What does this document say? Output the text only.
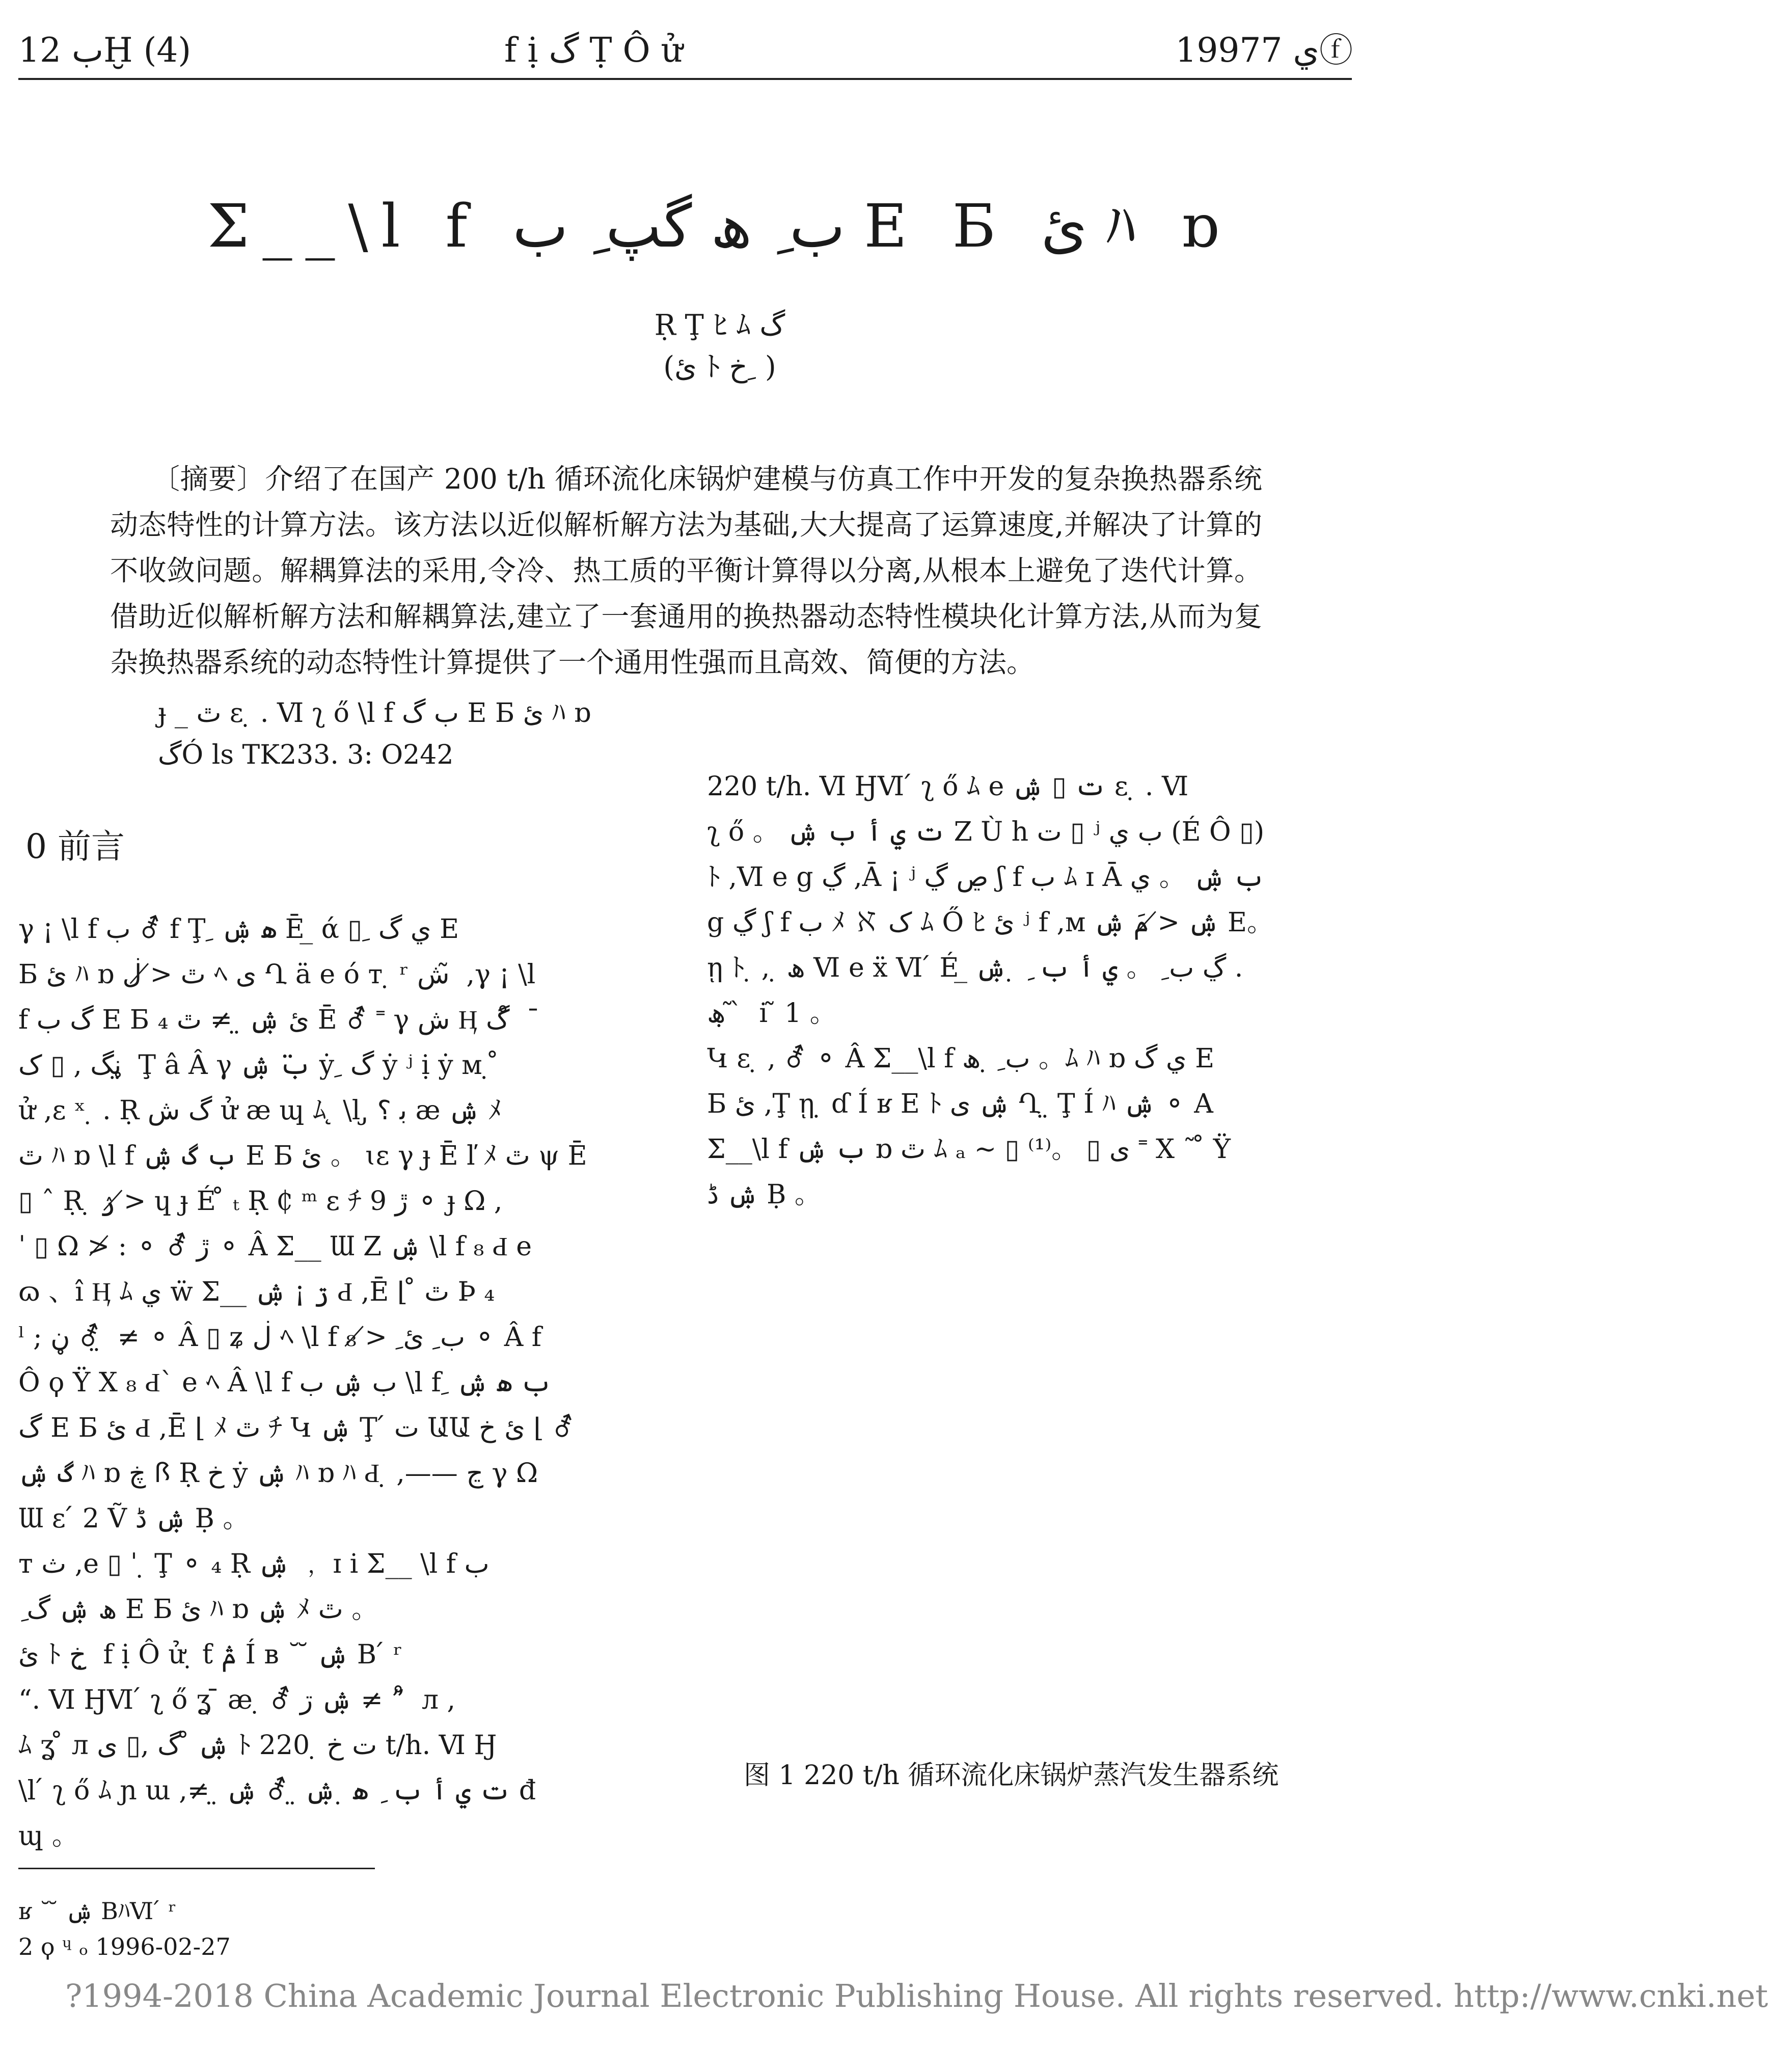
ب 12Ḫ (4)	f ị گ Ṭ Ô ử	1997ي 7ⓕ
Σ__\l f ب ِ ھ گپ ِ ب E Б ئ ﾊ ɒ
Ṛ Ţ ﾋ ﾑ گ
(ئ ﾄ خ ِ )
〔摘要〕介绍了在国产 200 t/h 循环流化床锅炉建模与仿真工作中开发的复杂换热器系统动态特性的计算方法。该方法以近似解析解方法为基础,大大提高了运算速度,并解决了计算的不收敛问题。解耦算法的采用,令冷、热工质的平衡计算得以分离,从根本上避免了迭代计算。借助近似解析解方法和解耦算法,建立了一套通用的换热器动态特性模块化计算方法,从而为复杂换热器系统的动态特性计算提供了一个通用性强而且高效、简便的方法。
ɟ _ ٿ ε ̣ . Ⅵ ʅ ő \l f ب گ E Б ئ ﾊ ɒ
گÓ ls TK233. 3: O242
0 前言

γ ¡ \l f ب ⚦ f Ţ ِ ھ ۺ Ē ̲ ά ▯ ِ ي گ E

Б ئ ﾊ ɒ ٿ ≯ ڶ ﾍ ى Ղ ä e ó т ̣ ʳ ش ̃ ,γ ¡ \l

f گ ب E Б ئ ۺ ̤ ≠ ٿ ₄ Ē ⚦ ˭ γ ش Ӊ گ ̊ ¯

ڼگ , ▯ ک ̤ Ţ â Â γ ب̈ ۺ ẏ ِ گ ẏ ʲ ị ẏ ᴍ ̣ ̊

ử ,ε ˣ ̣ . Ṛ گ ش ử æ ɰ ﾑ ̨ \l ̡ ﺑ ؟ æ ۺ ﾒ

ٿ ﾊ ɒ \l f ب گ ۺ E Б ئ 。 ɩɛ γ ɟ Ē ľ ﾒ ٿ ψ Ē

▯ ˆ Ṛ ̣ ۯ ≯ ɥ ɟ É ̊ ₜ Ṛ ₵ ᵐ ε ﾁ 9 ڙ ⚬ ɟ Ω ,

ˈ ▯ Ω ≯ : ⚬ ⚦ ڙ ⚬ Â Σ__ Ɯ Ζ ۺ \l f ₈ Ԁ e

ɷ 、î Ӊ ﾑ ي ẅ Σ__ ڗ ¡ ۺ Ԁ ,Ē ⌊ ̊ ٿ Þ ₄

ˡ ; ڼ ⚦ ̤ ≠ ⚬ Â ▯ ʑ ڶ ﾍ \l f ب ِ ئ ِ ≯ ₈ ⚬ Â f

Ô ϙ Ÿ Χ ₈ Ԁ` e ﾍ Â \l f ب ۺ ب \l f ِ ب ھ ۺ

گ E Б ئ Ԁ ,Ē ⌊ ﾒ ٿ ﾁ Կ ۺ Ţ ́ ت ԱԱ ئ خ ⌊ ⚦

گ ۺ ﾊ ɒ ڿ ꟗ Ṛ خ ẏ ۺ ﾊ ɒ ﾊ Ԁ ̣ ,—— ڃ γ Ω

Ɯ ε ́ 2 Ṽ ۺ ڈ Ḅ 。

т ث ,e ▯ ˈ ̣ Ţ ⚬ ₄ Ṛ ۺ ﹐ ɪ i Σ__ \l f ب

ِ ھ ۺ گ E Б ئ ﾊ ɒ ۺ ﾒ ٿ 。

ئ ﾄ خ ̣ f ị Ô ử ̣ ƭ ࢧ Í ʙ ˘ ̆ ۺ B ́ ʳ

“. Ⅵ ӇⅥ ́ ʅ ő ʓ ̄ æ ̣ ⚦ ۺ ڗ ≠ ” ̊ л ,

ﾑ ʓ ̊ л ۺ ̊ گ ,▯ ى ﾄ ت خ ̣ 220 t/h. Ⅵ Ӈ

\l ́ ʅ ő ﾑ ɲ ɯ ,≠ ̤ ت ي أ ب ِ ھ ̣ ۺ ̤ ⚦ ۺ đ

ɰ 。

220 t/h. Ⅵ ӇⅥ ́ ʅ ő ﾑ e ت ▯ ۺ ε ̣ . Ⅵ

ʅ ő 。 ت ي أ ب ۺ Ζ Ù h ت ▯ ʲ ب ي (É Ô ▯)

ﾄ ,Ⅵ e g ڲ ,Ā ¡ ʲ ڝ ڲ ʃ f ب ﾑ ɪ Ā ب ۺ 。 ي

g ڲ ʃ f ب ﾒ ℵ ک ﾑ Ő ﾋ ئ ʲ f ,ᴍ ۺ ≯ مَ ۺ E。

ῃ ﾄ ̣ , ̣ ھ Ⅵ e ẍ Ⅵ ́ É ̲ ڲ ب ِ 。 ي أ ب ِ ̣ ۺ .

ھ ̣ ̃ ̀ i ̃ 1 。

Կ ε ̣ , ⚦ ⚬ Â Σ__\l f ب ِ ̣ ھ 。ﾑ ﾊ ɒ ي گ E

Б ئ ,Ţ ῃ ̣ ɗ Í ʁ E ﾄ ۺ ى Ղ ̤ Ţ Í ﾊ ۺ ⚬ A

Σ__\l f ب ۺ ɒ ٿ ﾑ ₐ ~ ▯ ⁽¹⁾。 ▯ ى ˭ Χ ˜ ̊ Ÿ

ۺ ڈ Ḅ 。

图 1 220 t/h 循环流化床锅炉蒸汽发生器系统
ʁ ˘ ̆ ۺ BﾊⅥ ́ ʳ
2 ϙ ᶣ ₒ 1996-02-27
?1994-2018 China Academic Journal Electronic Publishing House. All rights reserved. http://www.cnki.net
